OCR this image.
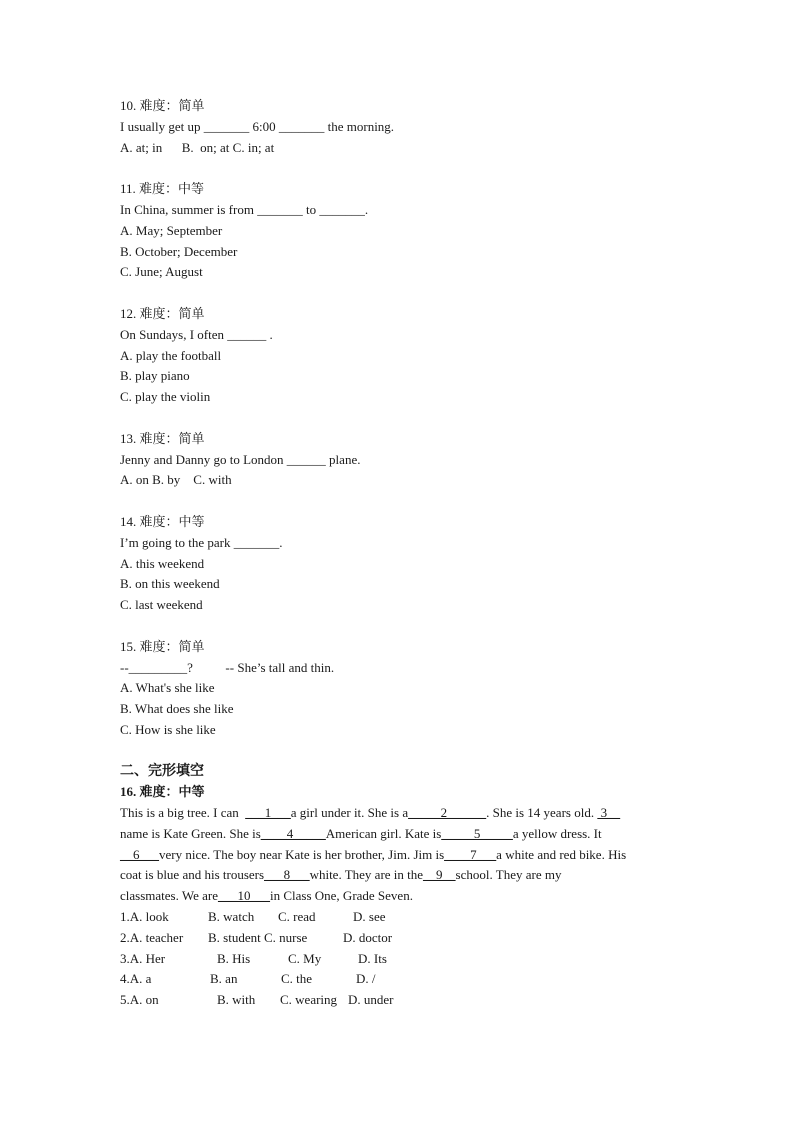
10. 难度：简单
I usually get up _______ 6:00 _______ the morning.
A. at; in      B.  on; at C. in; at
11. 难度：中等
In China, summer is from _______ to _______.
A. May; September
B. October; December
C. June; August
12. 难度：简单
On Sundays, I often ______ .
A. play the football
B. play piano
C. play the violin
13. 难度：简单
Jenny and Danny go to London ______ plane.
A. on B. by    C. with
14. 难度：中等
I’m going to the park _______.
A. this weekend
B. on this weekend
C. last weekend
15. 难度：简单
--_________?          -- She’s tall and thin.
A. What's she like
B. What does she like
C. How is she like
二、完形填空
16. 难度：中等
This is a big tree. I can  ___1___a girl under it. She is a_____2______. She is 14 years old.  3__
name is Kate Green. She is____4_____American girl. Kate is_____5_____a yellow dress. It
__6___very nice. The boy near Kate is her brother, Jim. Jim is____7___a white and red bike. His
coat is blue and his trousers___8___white. They are in the__9__school. They are my
classmates. We are___10___in Class One, Grade Seven.
1.A. look	B. watch C. read	D. see
2.A. teacher B. student C. nurse	D. doctor
3.A. Her	B. His	C. My	D. Its
4.A. a	B. an	C. the	D. /
5.A. on	B. with C. wearing D. under
